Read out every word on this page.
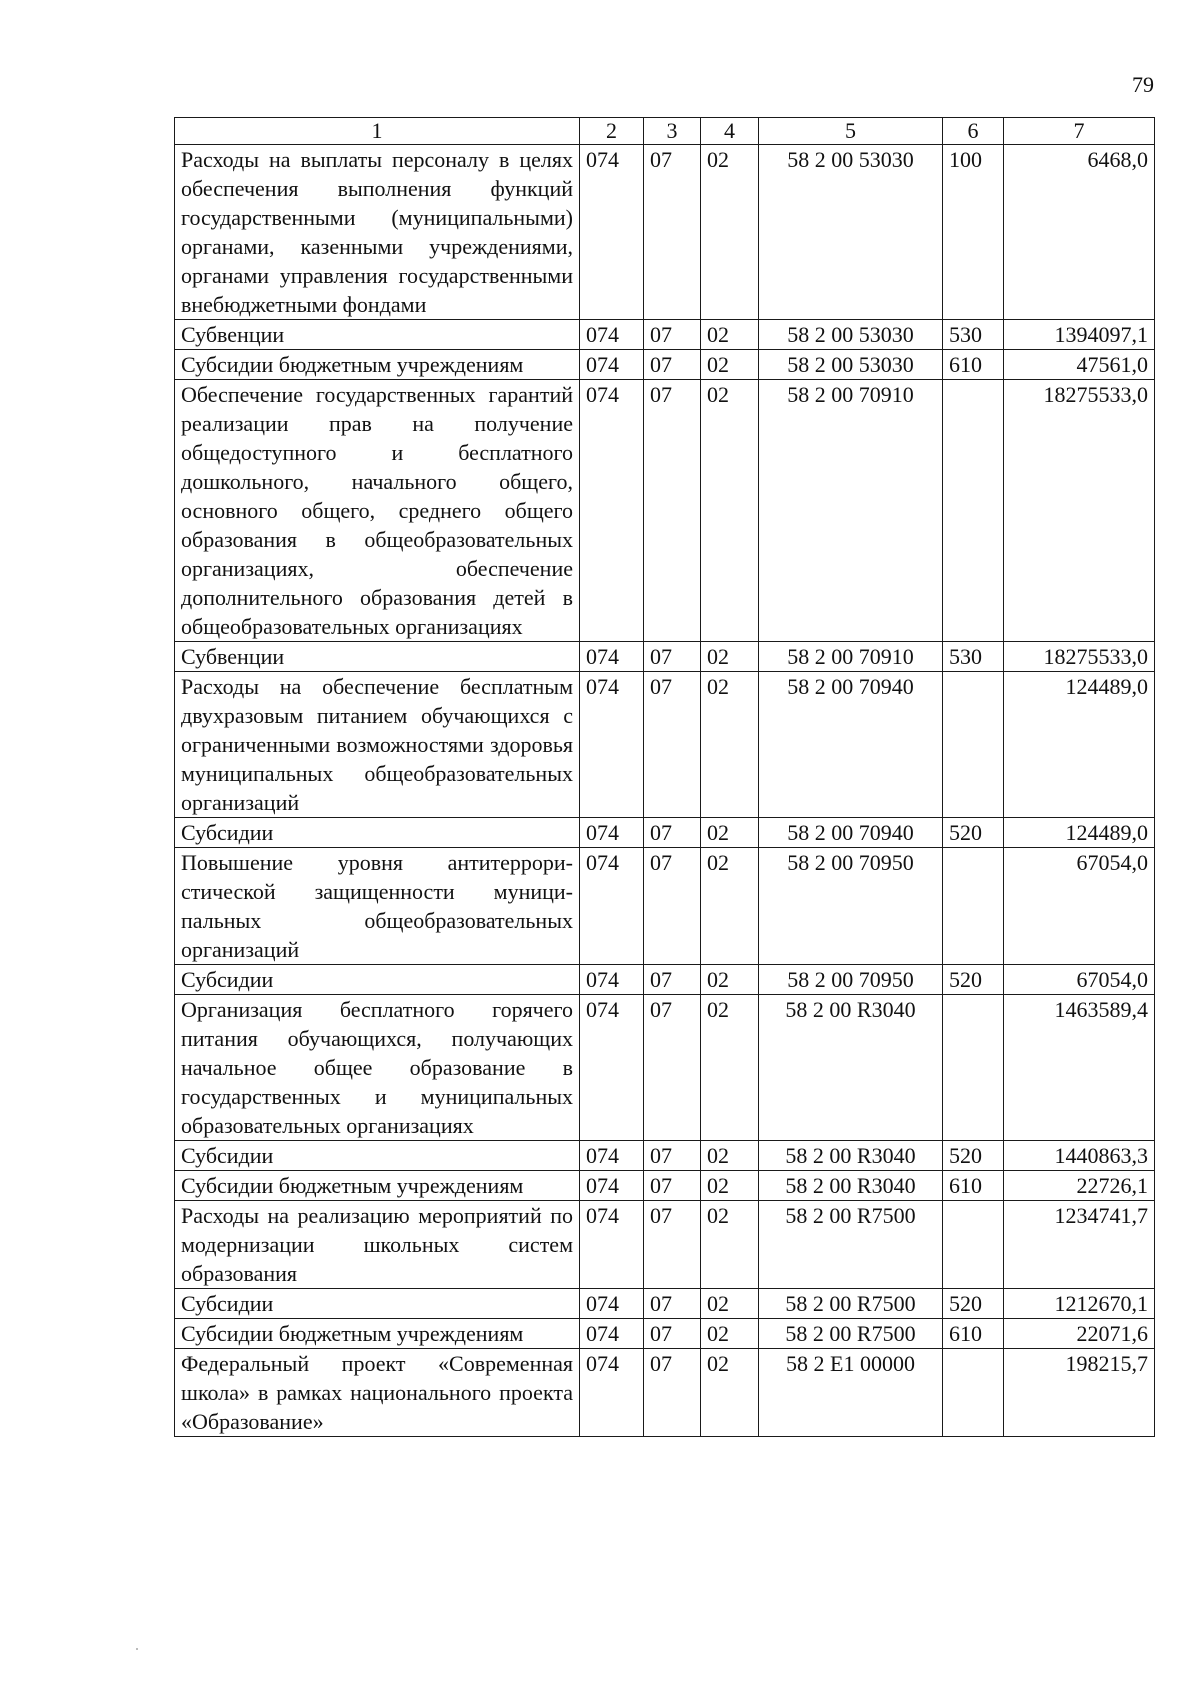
79
1	2	3	4	5	6	7
Расходы на выплаты персоналу в целях обеспечения выполнения функций государственными (муниципальными) органами, казенными учреждениями, органами управления государственными внебюджетными фондами	074	07	02	58 2 00 53030	100	6468,0
Субвенции	074	07	02	58 2 00 53030	530	1394097,1
Субсидии бюджетным учреждениям	074	07	02	58 2 00 53030	610	47561,0
Обеспечение государственных гарантий реализации прав на получение общедоступного и бесплатного дошкольного, начального общего, основного общего, среднего общего образования в общеобразовательных организациях, обеспечение дополнительного образования детей в общеобразовательных организациях	074	07	02	58 2 00 70910		18275533,0
Субвенции	074	07	02	58 2 00 70910	530	18275533,0
Расходы на обеспечение бесплатным двухразовым питанием обучающихся с ограниченными возможностями здоровья муниципальных общеобразовательных организаций	074	07	02	58 2 00 70940		124489,0
Субсидии	074	07	02	58 2 00 70940	520	124489,0
Повышение уровня антитеррористической защищенности муниципальных общеобразовательных организаций	074	07	02	58 2 00 70950		67054,0
Субсидии	074	07	02	58 2 00 70950	520	67054,0
Организация бесплатного горячего питания обучающихся, получающих начальное общее образование в государственных и муниципальных образовательных организациях	074	07	02	58 2 00 R3040		1463589,4
Субсидии	074	07	02	58 2 00 R3040	520	1440863,3
Субсидии бюджетным учреждениям	074	07	02	58 2 00 R3040	610	22726,1
Расходы на реализацию мероприятий по модернизации школьных систем образования	074	07	02	58 2 00 R7500		1234741,7
Субсидии	074	07	02	58 2 00 R7500	520	1212670,1
Субсидии бюджетным учреждениям	074	07	02	58 2 00 R7500	610	22071,6
Федеральный проект «Современная школа» в рамках национального проекта «Образование»	074	07	02	58 2 E1 00000		198215,7
